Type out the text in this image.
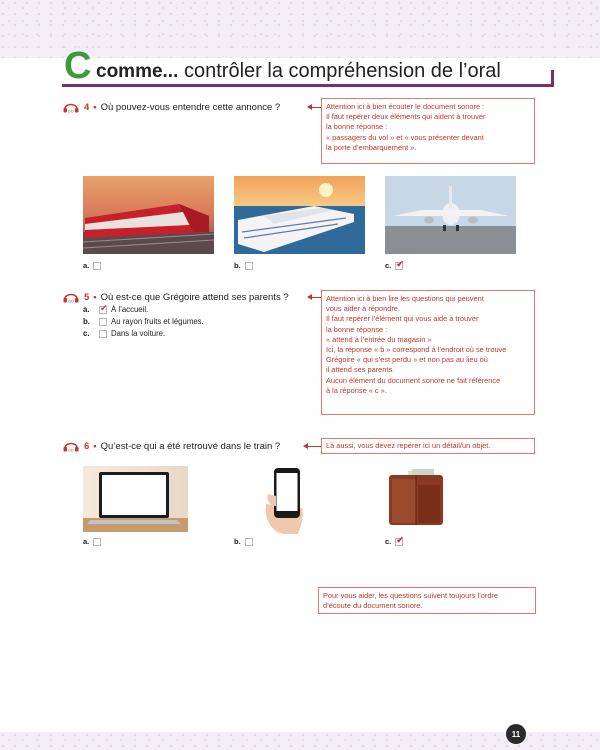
C comme... contrôler la compréhension de l’oral
DO 4 • Où pouvez-vous entendre cette annonce ?	Attention ici à bien écouter le document sonore :
Il faut repérer deux éléments qui aident à trouver
la bonne réponse :
« passagers du vol » et « vous présenter devant
la porte d’embarquement ».
a.	b.	c.
✔
DO 5 • Où est-ce que Grégoire attend ses parents ?
a.
✔	À l’accueil.
b.	Au rayon fruits et légumes.
c.	Dans la voiture.
Attention ici à bien lire les questions qui peuvent
vous aider à répondre.
Il faut repérer l’élément qui vous aide à trouver
la bonne réponse :
« attend à l’entrée du magasin »
Ici, la réponse « b » correspond à l’endroit où se trouve
Grégoire « qui s’est perdu » et non pas au lieu où
il attend ses parents.
Aucun élément du document sonore ne fait référence
à la réponse « c ».
DO 6 • Qu’est-ce qui a été retrouvé dans le train ?	Là aussi, vous devez repérer ici un détail/un objet.
a.	b.	c.
✔
Pour vous aider, les questions suivent toujours l’ordre
d’écoute du document sonore.
11
